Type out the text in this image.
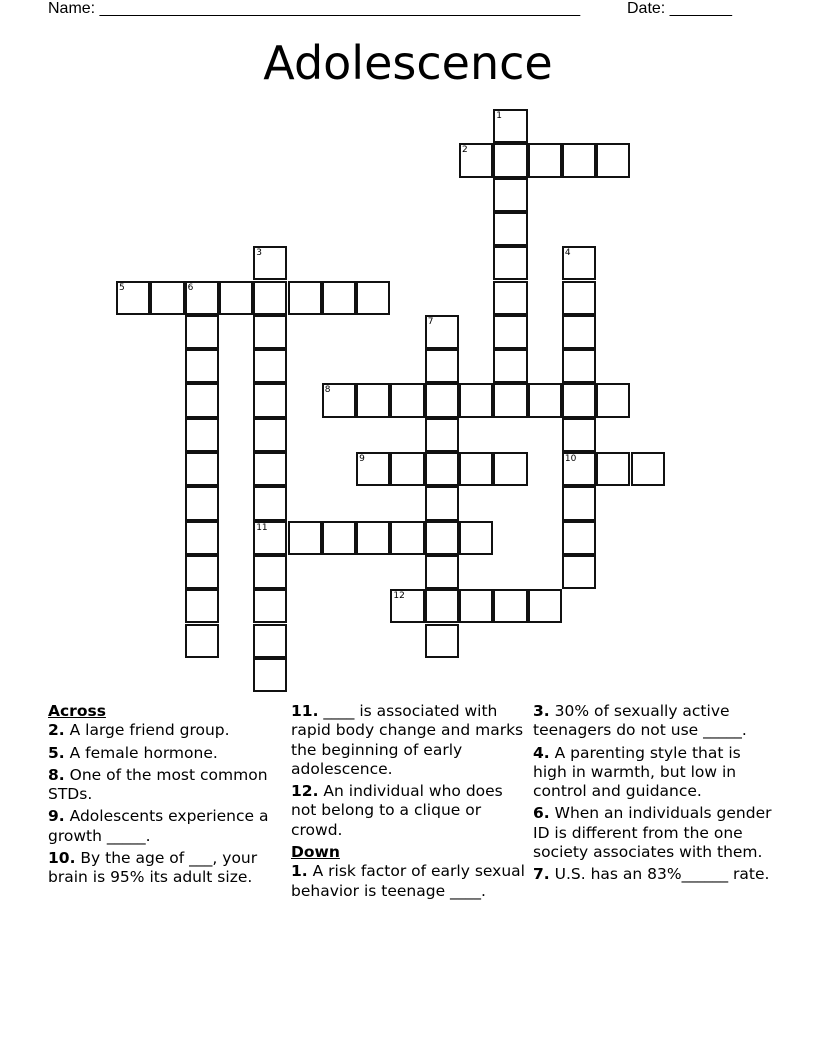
Name: ______________________________________________________	Date: _______
Adolescence
1
2
3
11
4
10
5	6
7
8
9
12
Across
2. A large friend group.
5. A female hormone.
8. One of the most common STDs.
9. Adolescents experience a growth _____.
10. By the age of ___, your brain is 95% its adult size.
11. ____ is associated with rapid body change and marks the beginning of early adolescence.
12. An individual who does not belong to a clique or crowd.
Down
1. A risk factor of early sexual behavior is teenage ____.
3. 30% of sexually active teenagers do not use _____.
4. A parenting style that is high in warmth, but low in control and guidance.
6. When an individuals gender ID is different from the one society associates with them.
7. U.S. has an 83%______ rate.
